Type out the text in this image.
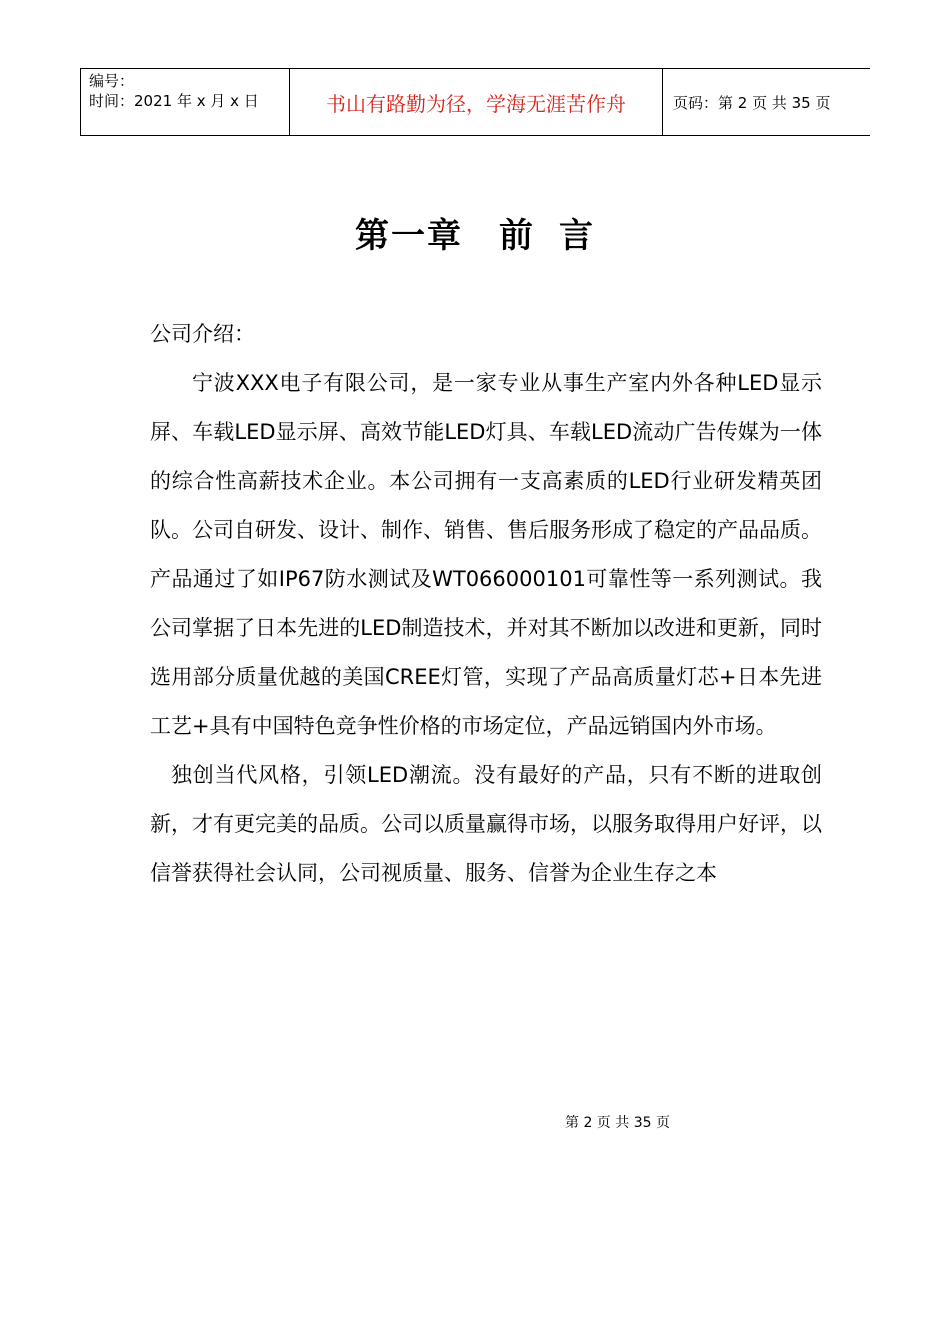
编号：
时间：2021 年 x 月 x 日	书山有路勤为径，学海无涯苦作舟	页码：第 2 页 共 35 页
第一章 前 言

公司介绍：

宁波XXX电子有限公司，是一家专业从事生产室内外各种LED显示屏、车载LED显示屏、高效节能LED灯具、车载LED流动广告传媒为一体的综合性高薪技术企业。本公司拥有一支高素质的LED行业研发精英团队。公司自研发、设计、制作、销售、售后服务形成了稳定的产品品质。产品通过了如IP67防水测试及WT066000101可靠性等一系列测试。我公司掌据了日本先进的LED制造技术，并对其不断加以改进和更新，同时选用部分质量优越的美国CREE灯管，实现了产品高质量灯芯+日本先进工艺+具有中国特色竞争性价格的市场定位，产品远销国内外市场。

独创当代风格，引领LED潮流。没有最好的产品，只有不断的进取创新，才有更完美的品质。公司以质量赢得市场，以服务取得用户好评，以信誉获得社会认同，公司视质量、服务、信誉为企业生存之本

第 2 页 共 35 页
